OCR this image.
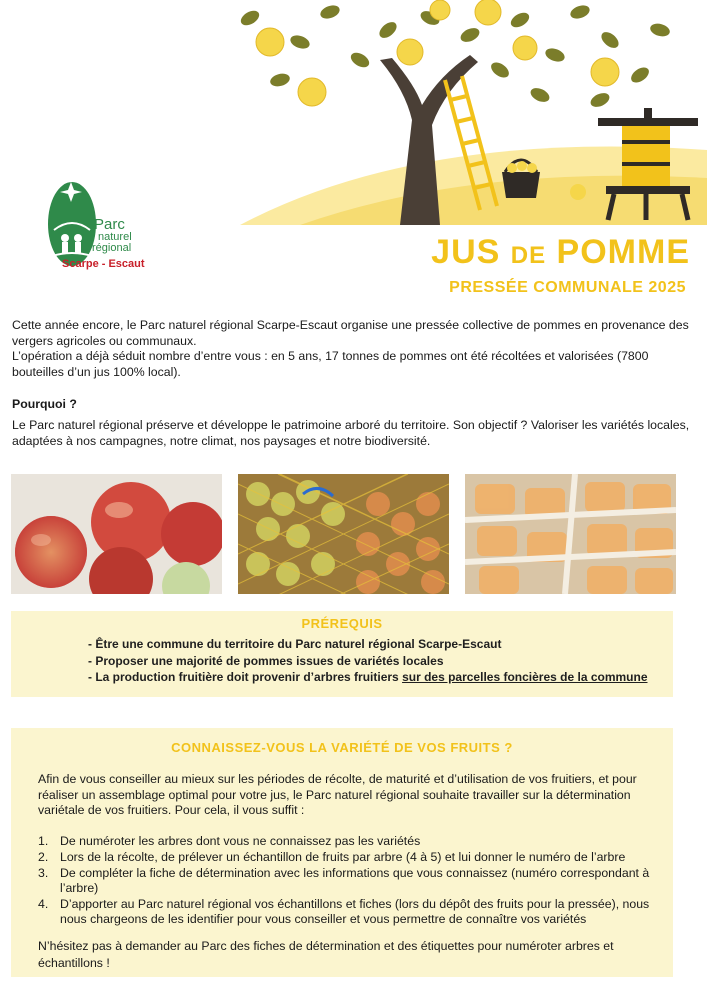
Parc
naturel
régional
Scarpe - Escaut	JUS DE POMME
PRESSÉE COMMUNALE 2025
Cette année encore, le Parc naturel régional Scarpe-Escaut organise une pressée collective de pommes en provenance des vergers agricoles ou communaux.
L’opération a déjà séduit nombre d’entre vous : en 5 ans, 17 tonnes de pommes ont été récoltées et valorisées (7800 bouteilles d’un jus 100% local).
Pourquoi ?
Le Parc naturel régional préserve et développe le patrimoine arboré du territoire. Son objectif ? Valoriser les variétés locales, adaptées à nos campagnes, notre climat, nos paysages et notre biodiversité.
PRÉREQUIS
- Être une commune du territoire du Parc naturel régional Scarpe-Escaut
- Proposer une majorité de pommes issues de variétés locales
- La production fruitière doit provenir d’arbres fruitiers sur des parcelles foncières de la commune
CONNAISSEZ-VOUS LA VARIÉTÉ DE VOS FRUITS ?
Afin de vous conseiller au mieux sur les périodes de récolte, de maturité et d’utilisation de vos fruitiers, et pour réaliser un assemblage optimal pour votre jus, le Parc naturel régional souhaite travailler sur la détermination variétale de vos fruitiers. Pour cela, il vous suffit :
1. De numéroter les arbres dont vous ne connaissez pas les variétés
2. Lors de la récolte, de prélever un échantillon de fruits par arbre (4 à 5) et lui donner le numéro de l’arbre
3. De compléter la fiche de détermination avec les informations que vous connaissez (numéro correspondant à l’arbre)
4. D’apporter au Parc naturel régional vos échantillons et fiches (lors du dépôt des fruits pour la pressée), nous nous chargeons de les identifier pour vous conseiller et vous permettre de connaître vos variétés
N’hésitez pas à demander au Parc des fiches de détermination et des étiquettes pour numéroter arbres et échantillons !
